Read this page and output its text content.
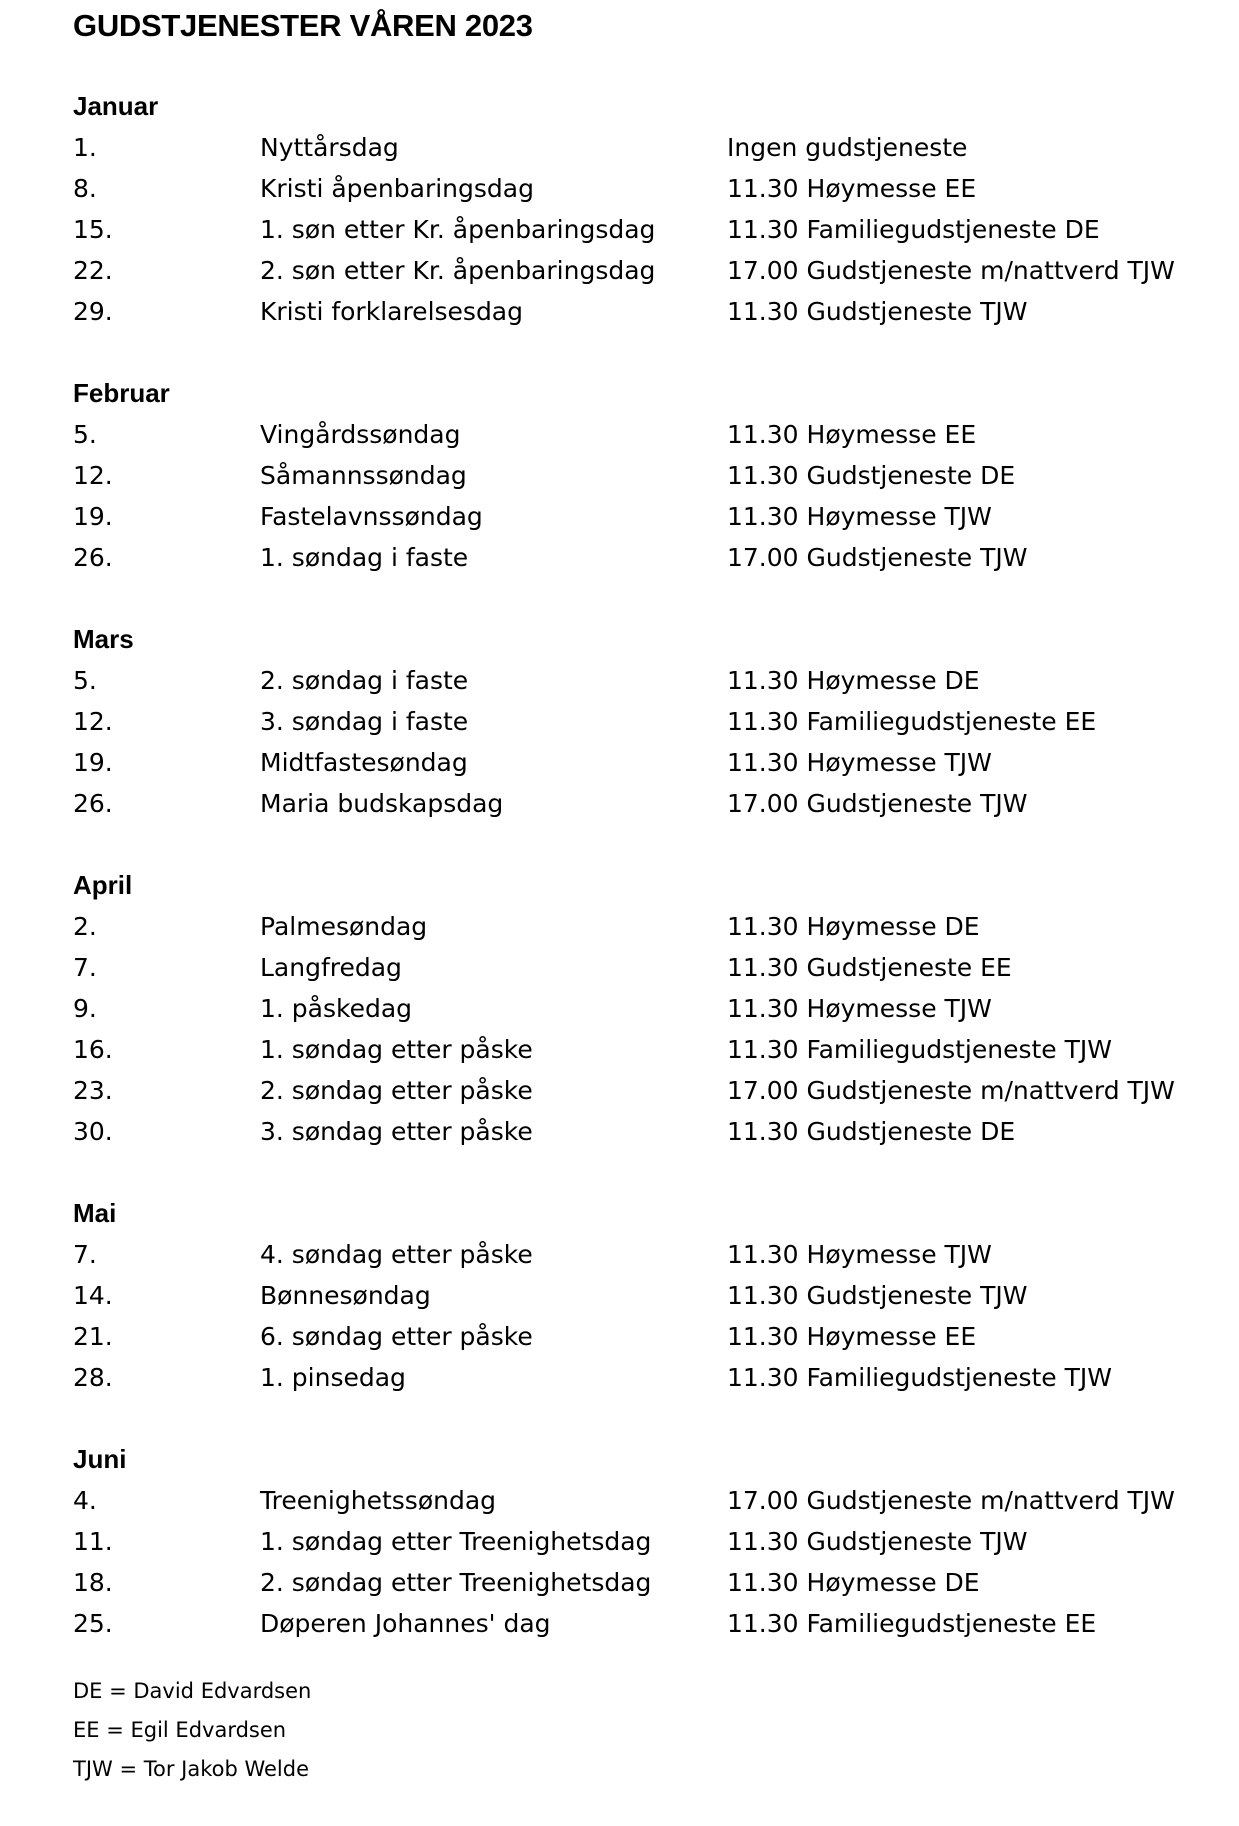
GUDSTJENESTER VÅREN 2023
Januar
1.	Nyttårsdag	Ingen gudstjeneste
8.	Kristi åpenbaringsdag	11.30 Høymesse EE
15.	1. søn etter Kr. åpenbaringsdag	11.30 Familiegudstjeneste DE
22.	2. søn etter Kr. åpenbaringsdag	17.00 Gudstjeneste m/nattverd TJW
29.	Kristi forklarelsesdag	11.30 Gudstjeneste TJW
Februar
5.	Vingårdssøndag	11.30 Høymesse EE
12.	Såmannssøndag	11.30 Gudstjeneste DE
19.	Fastelavnssøndag	11.30 Høymesse TJW
26.	1. søndag i faste	17.00 Gudstjeneste TJW
Mars
5.	2. søndag i faste	11.30 Høymesse DE
12.	3. søndag i faste	11.30 Familiegudstjeneste EE
19.	Midtfastesøndag	11.30 Høymesse TJW
26.	Maria budskapsdag	17.00 Gudstjeneste TJW
April
2.	Palmesøndag	11.30 Høymesse DE
7.	Langfredag	11.30 Gudstjeneste EE
9.	1. påskedag	11.30 Høymesse TJW
16.	1. søndag etter påske	11.30 Familiegudstjeneste TJW
23.	2. søndag etter påske	17.00 Gudstjeneste m/nattverd TJW
30.	3. søndag etter påske	11.30 Gudstjeneste DE
Mai
7.	4. søndag etter påske	11.30 Høymesse TJW
14.	Bønnesøndag	11.30 Gudstjeneste TJW
21.	6. søndag etter påske	11.30 Høymesse EE
28.	1. pinsedag	11.30 Familiegudstjeneste TJW
Juni
4.	Treenighetssøndag	17.00 Gudstjeneste m/nattverd TJW
11.	1. søndag etter Treenighetsdag	11.30 Gudstjeneste TJW
18.	2. søndag etter Treenighetsdag	11.30 Høymesse DE
25.	Døperen Johannes' dag	11.30 Familiegudstjeneste EE
DE = David Edvardsen
EE = Egil Edvardsen
TJW = Tor Jakob Welde
